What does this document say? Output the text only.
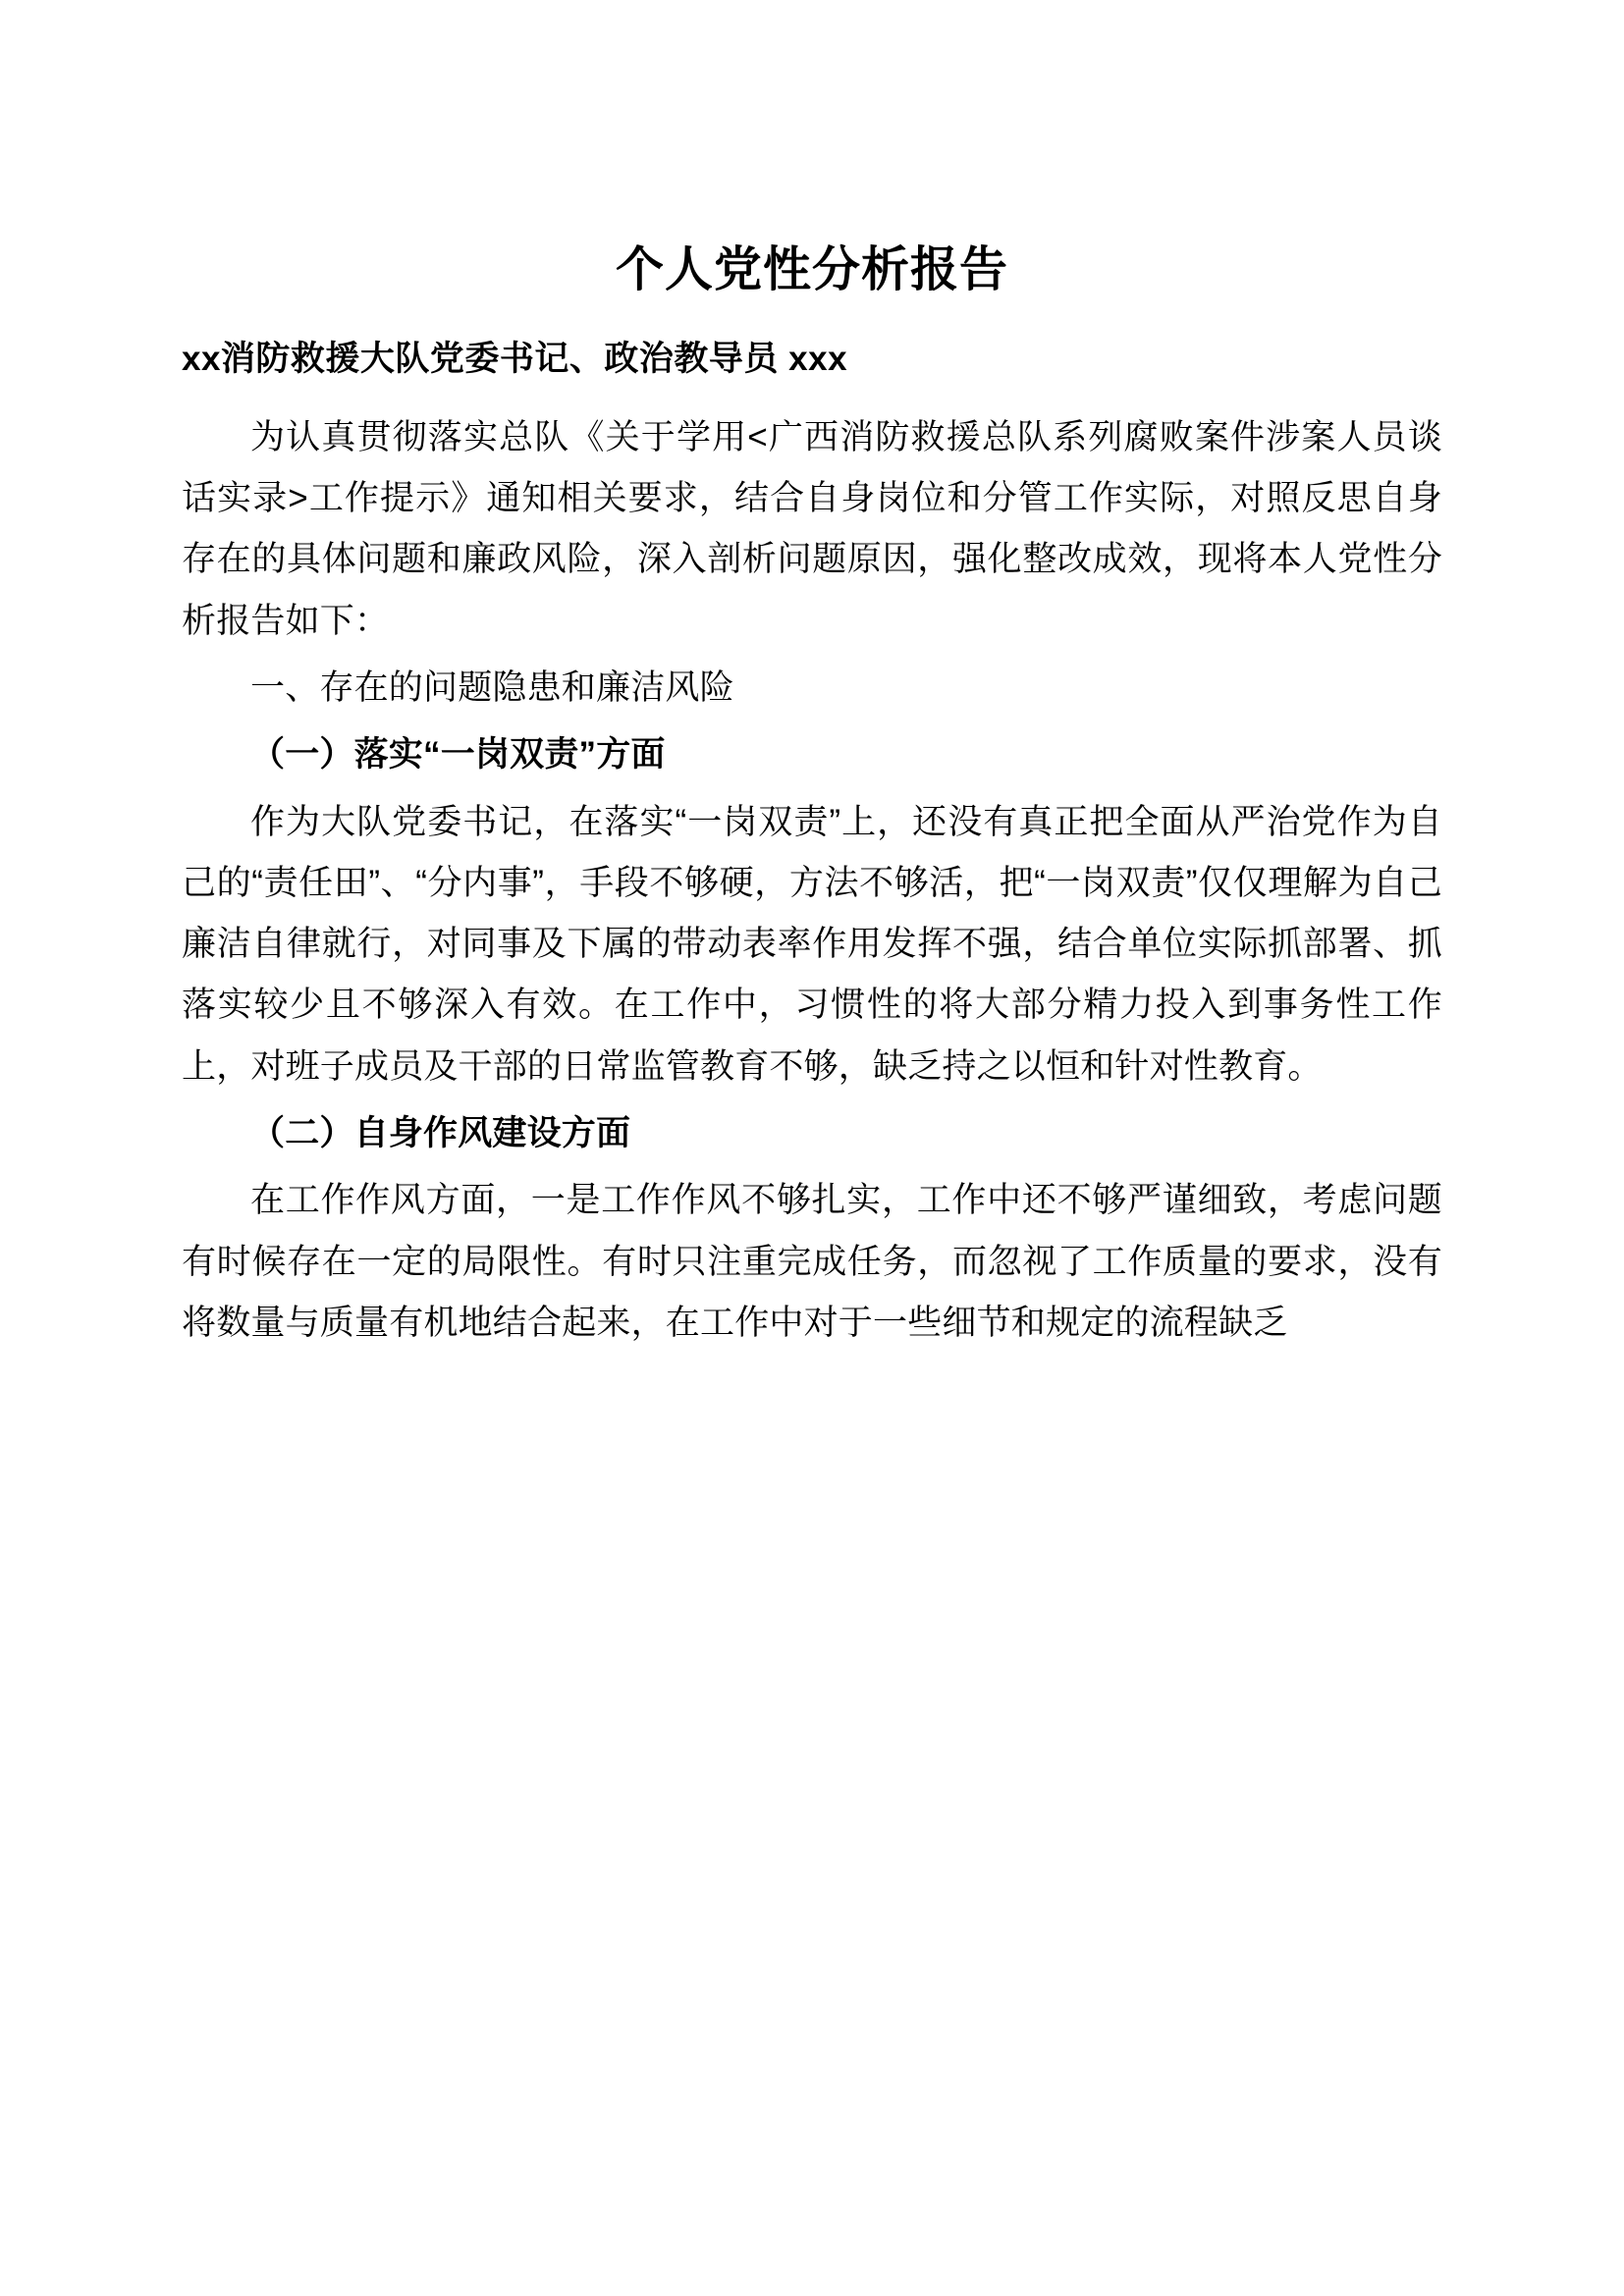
个人党性分析报告
xx消防救援大队党委书记、政治教导员 xxx

为认真贯彻落实总队《关于学用<广西消防救援总队系列腐败案件涉案人员谈话实录>工作提示》通知相关要求，结合自身岗位和分管工作实际，对照反思自身存在的具体问题和廉政风险，深入剖析问题原因，强化整改成效，现将本人党性分析报告如下：

一、存在的问题隐患和廉洁风险

（一）落实“一岗双责”方面

作为大队党委书记，在落实“一岗双责”上，还没有真正把全面从严治党作为自己的“责任田”、“分内事”，手段不够硬，方法不够活，把“一岗双责”仅仅理解为自己廉洁自律就行，对同事及下属的带动表率作用发挥不强，结合单位实际抓部署、抓落实较少且不够深入有效。在工作中，习惯性的将大部分精力投入到事务性工作上，对班子成员及干部的日常监管教育不够，缺乏持之以恒和针对性教育。

（二）自身作风建设方面

在工作作风方面，一是工作作风不够扎实，工作中还不够严谨细致，考虑问题有时候存在一定的局限性。有时只注重完成任务，而忽视了工作质量的要求，没有将数量与质量有机地结合起来，在工作中对于一些细节和规定的流程缺乏
